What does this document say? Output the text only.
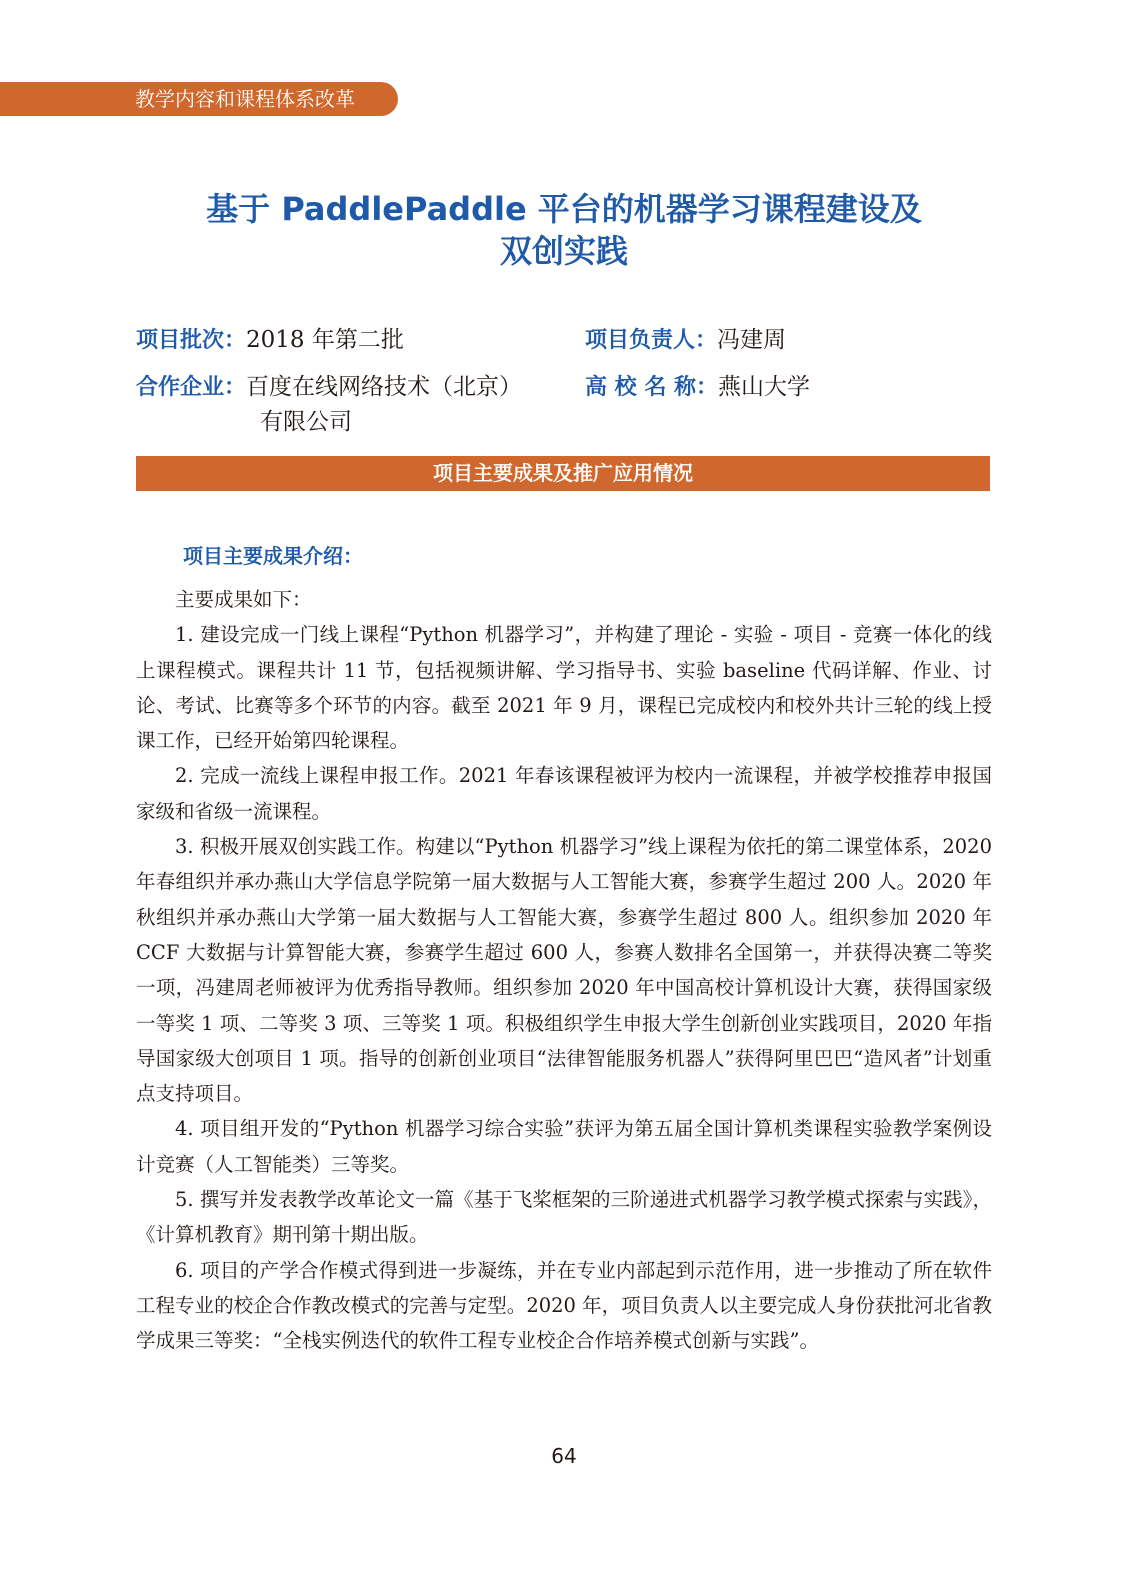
教学内容和课程体系改革
基于 PaddlePaddle 平台的机器学习课程建设及
双创实践
项目批次：2018 年第二批	项目负责人：冯建周
合作企业：百度在线网络技术（北京）
有限公司
高 校 名 称：燕山大学
项目主要成果及推广应用情况
项目主要成果介绍：

主要成果如下：

1. 建设完成一门线上课程“Python 机器学习”，并构建了理论 - 实验 - 项目 - 竞赛一体化的线上课程模式。课程共计 11 节，包括视频讲解、学习指导书、实验 baseline 代码详解、作业、讨论、考试、比赛等多个环节的内容。截至 2021 年 9 月，课程已完成校内和校外共计三轮的线上授课工作，已经开始第四轮课程。

2. 完成一流线上课程申报工作。2021 年春该课程被评为校内一流课程，并被学校推荐申报国家级和省级一流课程。

3. 积极开展双创实践工作。构建以“Python 机器学习”线上课程为依托的第二课堂体系，2020 年春组织并承办燕山大学信息学院第一届大数据与人工智能大赛，参赛学生超过 200 人。2020 年秋组织并承办燕山大学第一届大数据与人工智能大赛，参赛学生超过 800 人。组织参加 2020 年 CCF 大数据与计算智能大赛，参赛学生超过 600 人，参赛人数排名全国第一，并获得决赛二等奖一项，冯建周老师被评为优秀指导教师。组织参加 2020 年中国高校计算机设计大赛，获得国家级一等奖 1 项、二等奖 3 项、三等奖 1 项。积极组织学生申报大学生创新创业实践项目，2020 年指导国家级大创项目 1 项。指导的创新创业项目“法律智能服务机器人”获得阿里巴巴“造风者”计划重点支持项目。

4. 项目组开发的“Python 机器学习综合实验”获评为第五届全国计算机类课程实验教学案例设计竞赛（人工智能类）三等奖。

5. 撰写并发表教学改革论文一篇《基于飞桨框架的三阶递进式机器学习教学模式探索与实践》，《计算机教育》期刊第十期出版。

6. 项目的产学合作模式得到进一步凝练，并在专业内部起到示范作用，进一步推动了所在软件工程专业的校企合作教改模式的完善与定型。2020 年，项目负责人以主要完成人身份获批河北省教学成果三等奖：“全栈实例迭代的软件工程专业校企合作培养模式创新与实践”。

64
